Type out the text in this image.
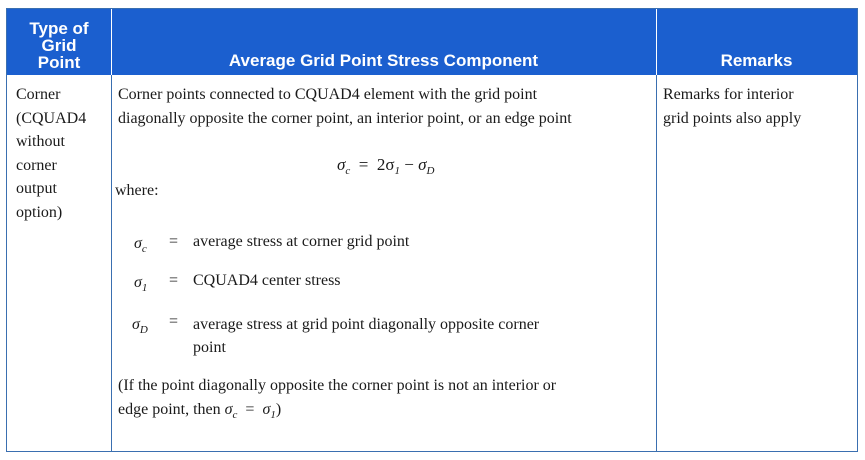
Type of Grid Point	Average Grid Point Stress Component	Remarks
Corner
(CQUAD4
without
corner
output
option)
Corner points connected to CQUAD4 element with the grid point
diagonally opposite the corner point, an interior point, or an edge point
$\sigma_c = 2\sigma_1 - \sigma_D$
where:
$\sigma_c$ = average stress at corner grid point
$\sigma_1$ = CQUAD4 center stress
$\sigma_D$ = average stress at grid point diagonally opposite corner
point
(If the point diagonally opposite the corner point is not an interior or
edge point, then $\sigma_c = \sigma_1$)
Remarks for interior
grid points also apply
